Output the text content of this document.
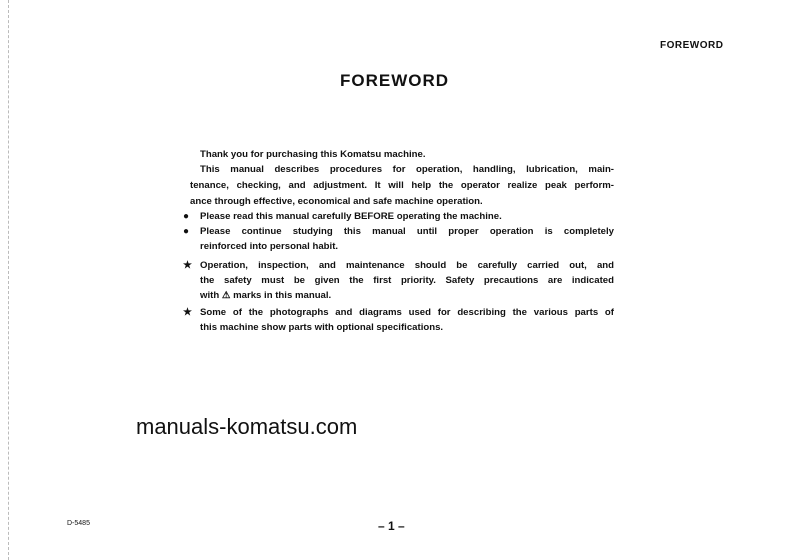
FOREWORD
FOREWORD
Thank you for purchasing this Komatsu machine.
This manual describes procedures for operation, handling, lubrication, main-
tenance, checking, and adjustment. It will help the operator realize peak perform-
ance through effective, economical and safe machine operation.
● Please read this manual carefully BEFORE operating the machine.
● Please continue studying this manual until proper operation is completely
reinforced into personal habit.
★ Operation, inspection, and maintenance should be carefully carried out, and
the safety must be given the first priority. Safety precautions are indicated
with ⚠ marks in this manual.
★ Some of the photographs and diagrams used for describing the various parts of
this machine show parts with optional specifications.
manuals-komatsu.com
D-5485	– 1 –
